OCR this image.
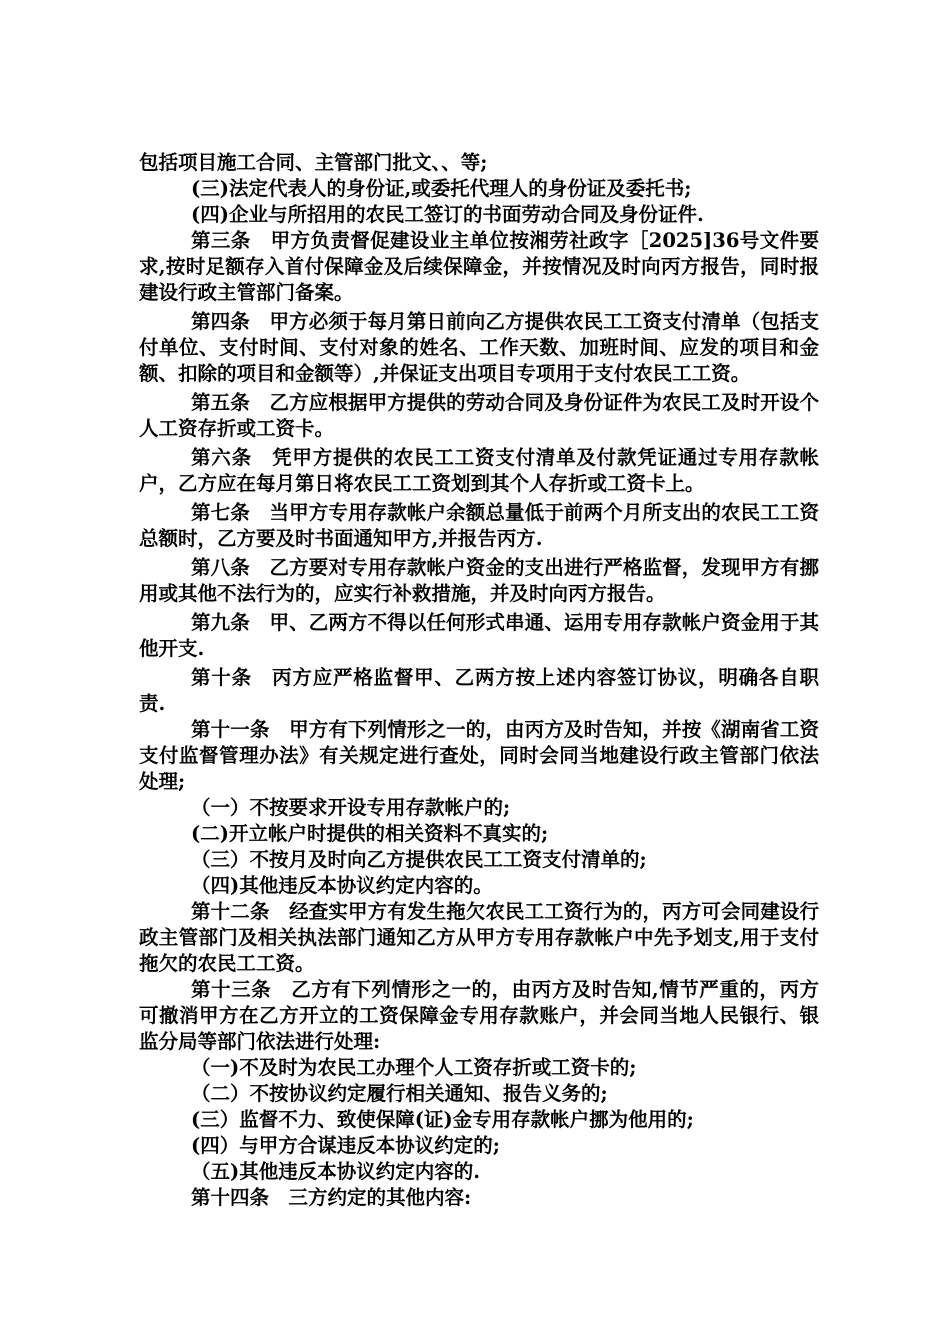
包括项目施工合同、主管部门批文、、等;

(三)法定代表人的身份证,或委托代理人的身份证及委托书;

(四)企业与所招用的农民工签订的书面劳动合同及身份证件.

第三条　甲方负责督促建设业主单位按湘劳社政字［2025]36号文件要求,按时足额存入首付保障金及后续保障金，并按情况及时向丙方报告，同时报建设行政主管部门备案。

第四条　甲方必须于每月第日前向乙方提供农民工工资支付清单（包括支付单位、支付时间、支付对象的姓名、工作天数、加班时间、应发的项目和金额、扣除的项目和金额等）,并保证支出项目专项用于支付农民工工资。

第五条　乙方应根据甲方提供的劳动合同及身份证件为农民工及时开设个人工资存折或工资卡。

第六条　凭甲方提供的农民工工资支付清单及付款凭证通过专用存款帐户，乙方应在每月第日将农民工工资划到其个人存折或工资卡上。

第七条　当甲方专用存款帐户余额总量低于前两个月所支出的农民工工资总额时，乙方要及时书面通知甲方,并报告丙方.

第八条　乙方要对专用存款帐户资金的支出进行严格监督，发现甲方有挪用或其他不法行为的，应实行补救措施，并及时向丙方报告。

第九条　甲、乙两方不得以任何形式串通、运用专用存款帐户资金用于其他开支.

第十条　丙方应严格监督甲、乙两方按上述内容签订协议，明确各自职责.

第十一条　甲方有下列情形之一的，由丙方及时告知，并按《湖南省工资支付监督管理办法》有关规定进行查处，同时会同当地建设行政主管部门依法处理;

（一）不按要求开设专用存款帐户的;

(二)开立帐户时提供的相关资料不真实的;

（三）不按月及时向乙方提供农民工工资支付清单的;

（四)其他违反本协议约定内容的。

第十二条　经查实甲方有发生拖欠农民工工资行为的，丙方可会同建设行政主管部门及相关执法部门通知乙方从甲方专用存款帐户中先予划支,用于支付拖欠的农民工工资。

第十三条　乙方有下列情形之一的，由丙方及时告知,情节严重的，丙方可撤消甲方在乙方开立的工资保障金专用存款账户，并会同当地人民银行、银监分局等部门依法进行处理:

（一)不及时为农民工办理个人工资存折或工资卡的;

（二）不按协议约定履行相关通知、报告义务的;

(三）监督不力、致使保障(证)金专用存款帐户挪为他用的;

(四）与甲方合谋违反本协议约定的;

（五)其他违反本协议约定内容的.

第十四条　三方约定的其他内容:
